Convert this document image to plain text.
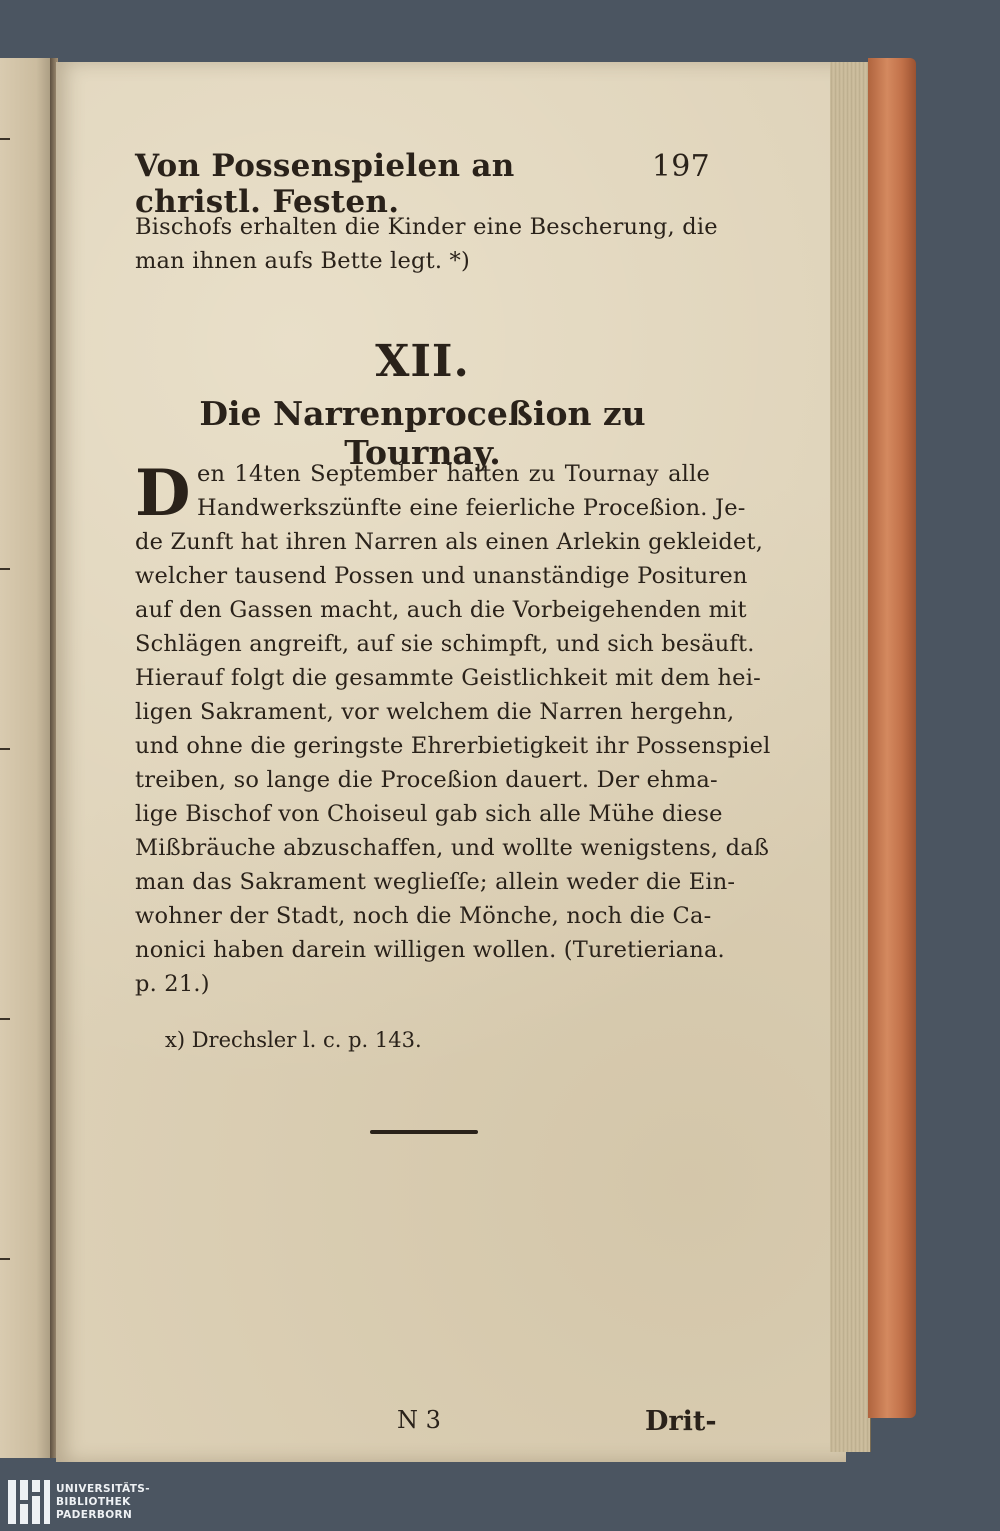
Von Possenspielen an christl. Festen.
197
Bischofs erhalten die Kinder eine Bescherung, die
man ihnen aufs Bette legt. *)
XII.
Die Narrenproceßion zu Tournay.
D en 14ten September halten zu Tournay alle
Handwerkszünfte eine feierliche Proceßion. Je-
de Zunft hat ihren Narren als einen Arlekin gekleidet,
welcher tausend Possen und unanständige Posituren
auf den Gassen macht, auch die Vorbeigehenden mit
Schlägen angreift, auf sie schimpft, und sich besäuft.
Hierauf folgt die gesammte Geistlichkeit mit dem hei-
ligen Sakrament, vor welchem die Narren hergehn,
und ohne die geringste Ehrerbietigkeit ihr Possenspiel
treiben, so lange die Proceßion dauert. Der ehma-
lige Bischof von Choiseul gab sich alle Mühe diese
Mißbräuche abzuschaffen, und wollte wenigstens, daß
man das Sakrament weglieſſe; allein weder die Ein-
wohner der Stadt, noch die Mönche, noch die Ca-
nonici haben darein willigen wollen. (Turetieriana.
p. 21.)
x) Drechsler l. c. p. 143.
N 3	Drit-
UNIVERSITÄTS-
BIBLIOTHEK
PADERBORN
